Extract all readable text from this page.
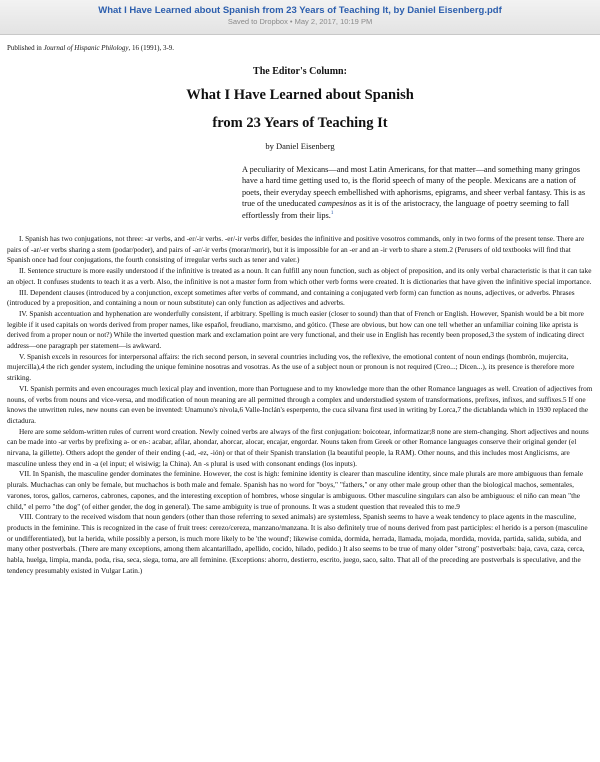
What I Have Learned about Spanish from 23 Years of Teaching It, by Daniel Eisenberg.pdf
Saved to Dropbox • May 2, 2017, 10:19 PM
Published in Journal of Hispanic Philology, 16 (1991), 3-9.
The Editor's Column:
What I Have Learned about Spanish
from 23 Years of Teaching It
by Daniel Eisenberg

A peculiarity of Mexicans—and most Latin Americans, for that matter—and something many gringos have a hard time getting used to, is the florid speech of many of the people. Mexicans are a nation of poets, their everyday speech embellished with aphorisms, epigrams, and sheer verbal fantasy. This is as true of the uneducated campesinos as it is of the aristocracy, the language of poetry seeming to fall effortlessly from their lips.$^1$

I. Spanish has two conjugations, not three: -ar verbs, and -er/-ir verbs. -er/-ir verbs differ, besides the infinitive and positive vosotros commands, only in two forms of the present tense. There are pairs of -ar/-er verbs sharing a stem (podar/poder), and pairs of -ar/-ir verbs (morar/morir), but it is impossible for an -er and an -ir verb to share a stem.2 (Perusers of old textbooks will find that Spanish once had four conjugations, the fourth consisting of irregular verbs such as tener and valer.)

II. Sentence structure is more easily understood if the infinitive is treated as a noun. It can fulfill any noun function, such as object of preposition, and its only verbal characteristic is that it can take an object. It confuses students to teach it as a verb. Also, the infinitive is not a master form from which other verb forms were created. It is dictionaries that have given the infinitive special importance.

III. Dependent clauses (introduced by a conjunction, except sometimes after verbs of command, and containing a conjugated verb form) can function as nouns, adjectives, or adverbs. Phrases (introduced by a preposition, and containing a noun or noun substitute) can only function as adjectives and adverbs.

IV. Spanish accentuation and hyphenation are wonderfully consistent, if arbitrary. Spelling is much easier (closer to sound) than that of French or English. However, Spanish would be a bit more legible if it used capitals on words derived from proper names, like español, freudiano, marxismo, and gótico. (These are obvious, but how can one tell whether an unfamiliar coining like aprista is derived from a proper noun or not?) While the inverted question mark and exclamation point are very functional, and their use in English has recently been proposed,3 the system of indicating direct address—one paragraph per statement—is awkward.

V. Spanish excels in resources for interpersonal affairs: the rich second person, in several countries including vos, the reflexive, the emotional content of noun endings (hombrón, mujercita, mujercilla),4 the rich gender system, including the unique feminine nosotras and vosotras. As the use of a subject noun or pronoun is not required (Creo...; Dicen...), its presence is therefore more striking.

VI. Spanish permits and even encourages much lexical play and invention, more than Portuguese and to my knowledge more than the other Romance languages as well. Creation of adjectives from nouns, of verbs from nouns and vice-versa, and modification of noun meaning are all permitted through a complex and understudied system of transformations, prefixes, infixes, and suffixes.5 If one knows the unwritten rules, new nouns can even be invented: Unamuno's nivola,6 Valle-Inclán's esperpento, the cuca silvana first used in writing by Lorca,7 the dictablanda which in 1930 replaced the dictadura.

Here are some seldom-written rules of current word creation. Newly coined verbs are always of the first conjugation: boicotear, informatizar;8 none are stem-changing. Short adjectives and nouns can be made into -ar verbs by prefixing a- or en-: acabar, afilar, ahondar, ahorcar, alocar, encajar, engordar. Nouns taken from Greek or other Romance languages conserve their original gender (el nirvana, la gillette). Others adopt the gender of their ending (-ad, -ez, -ión) or that of their Spanish translation (la beautiful people, la RAM). Other nouns, and this includes most Anglicisms, are masculine unless they end in -a (el input; el wisiwig; la China). An -s plural is used with consonant endings (los inputs).

VII. In Spanish, the masculine gender dominates the feminine. However, the cost is high: feminine identity is clearer than masculine identity, since male plurals are more ambiguous than female plurals. Muchachas can only be female, but muchachos is both male and female. Spanish has no word for "boys," "fathers," or any other male group other than the biological machos, sementales, varones, toros, gallos, carneros, cabrones, capones, and the interesting exception of hombres, whose singular is ambiguous. Other masculine singulars can also be ambiguous: el niño can mean "the child," el perro "the dog" (of either gender, the dog in general). The same ambiguity is true of pronouns. It was a student question that revealed this to me.9

VIII. Contrary to the received wisdom that noun genders (other than those referring to sexed animals) are systemless, Spanish seems to have a weak tendency to place agents in the masculine, products in the feminine. This is recognized in the case of fruit trees: cerezo/cereza, manzano/manzana. It is also definitely true of nouns derived from past participles: el herido is a person (masculine or undifferentiated), but la herida, while possibly a person, is much more likely to be 'the wound'; likewise comida, dormida, herrada, llamada, mojada, mordida, movida, partida, salida, subida, and many other postverbals. (There are many exceptions, among them alcantarillado, apellido, cocido, hilado, pedido.) It also seems to be true of many older "strong" postverbals: baja, cava, caza, cerca, habla, huelga, limpia, manda, poda, risa, seca, siega, toma, are all feminine. (Exceptions: ahorro, destierro, escrito, juego, saco, salto. That all of the preceding are postverbals is speculative, and the tendency presumably existed in Vulgar Latin.)
